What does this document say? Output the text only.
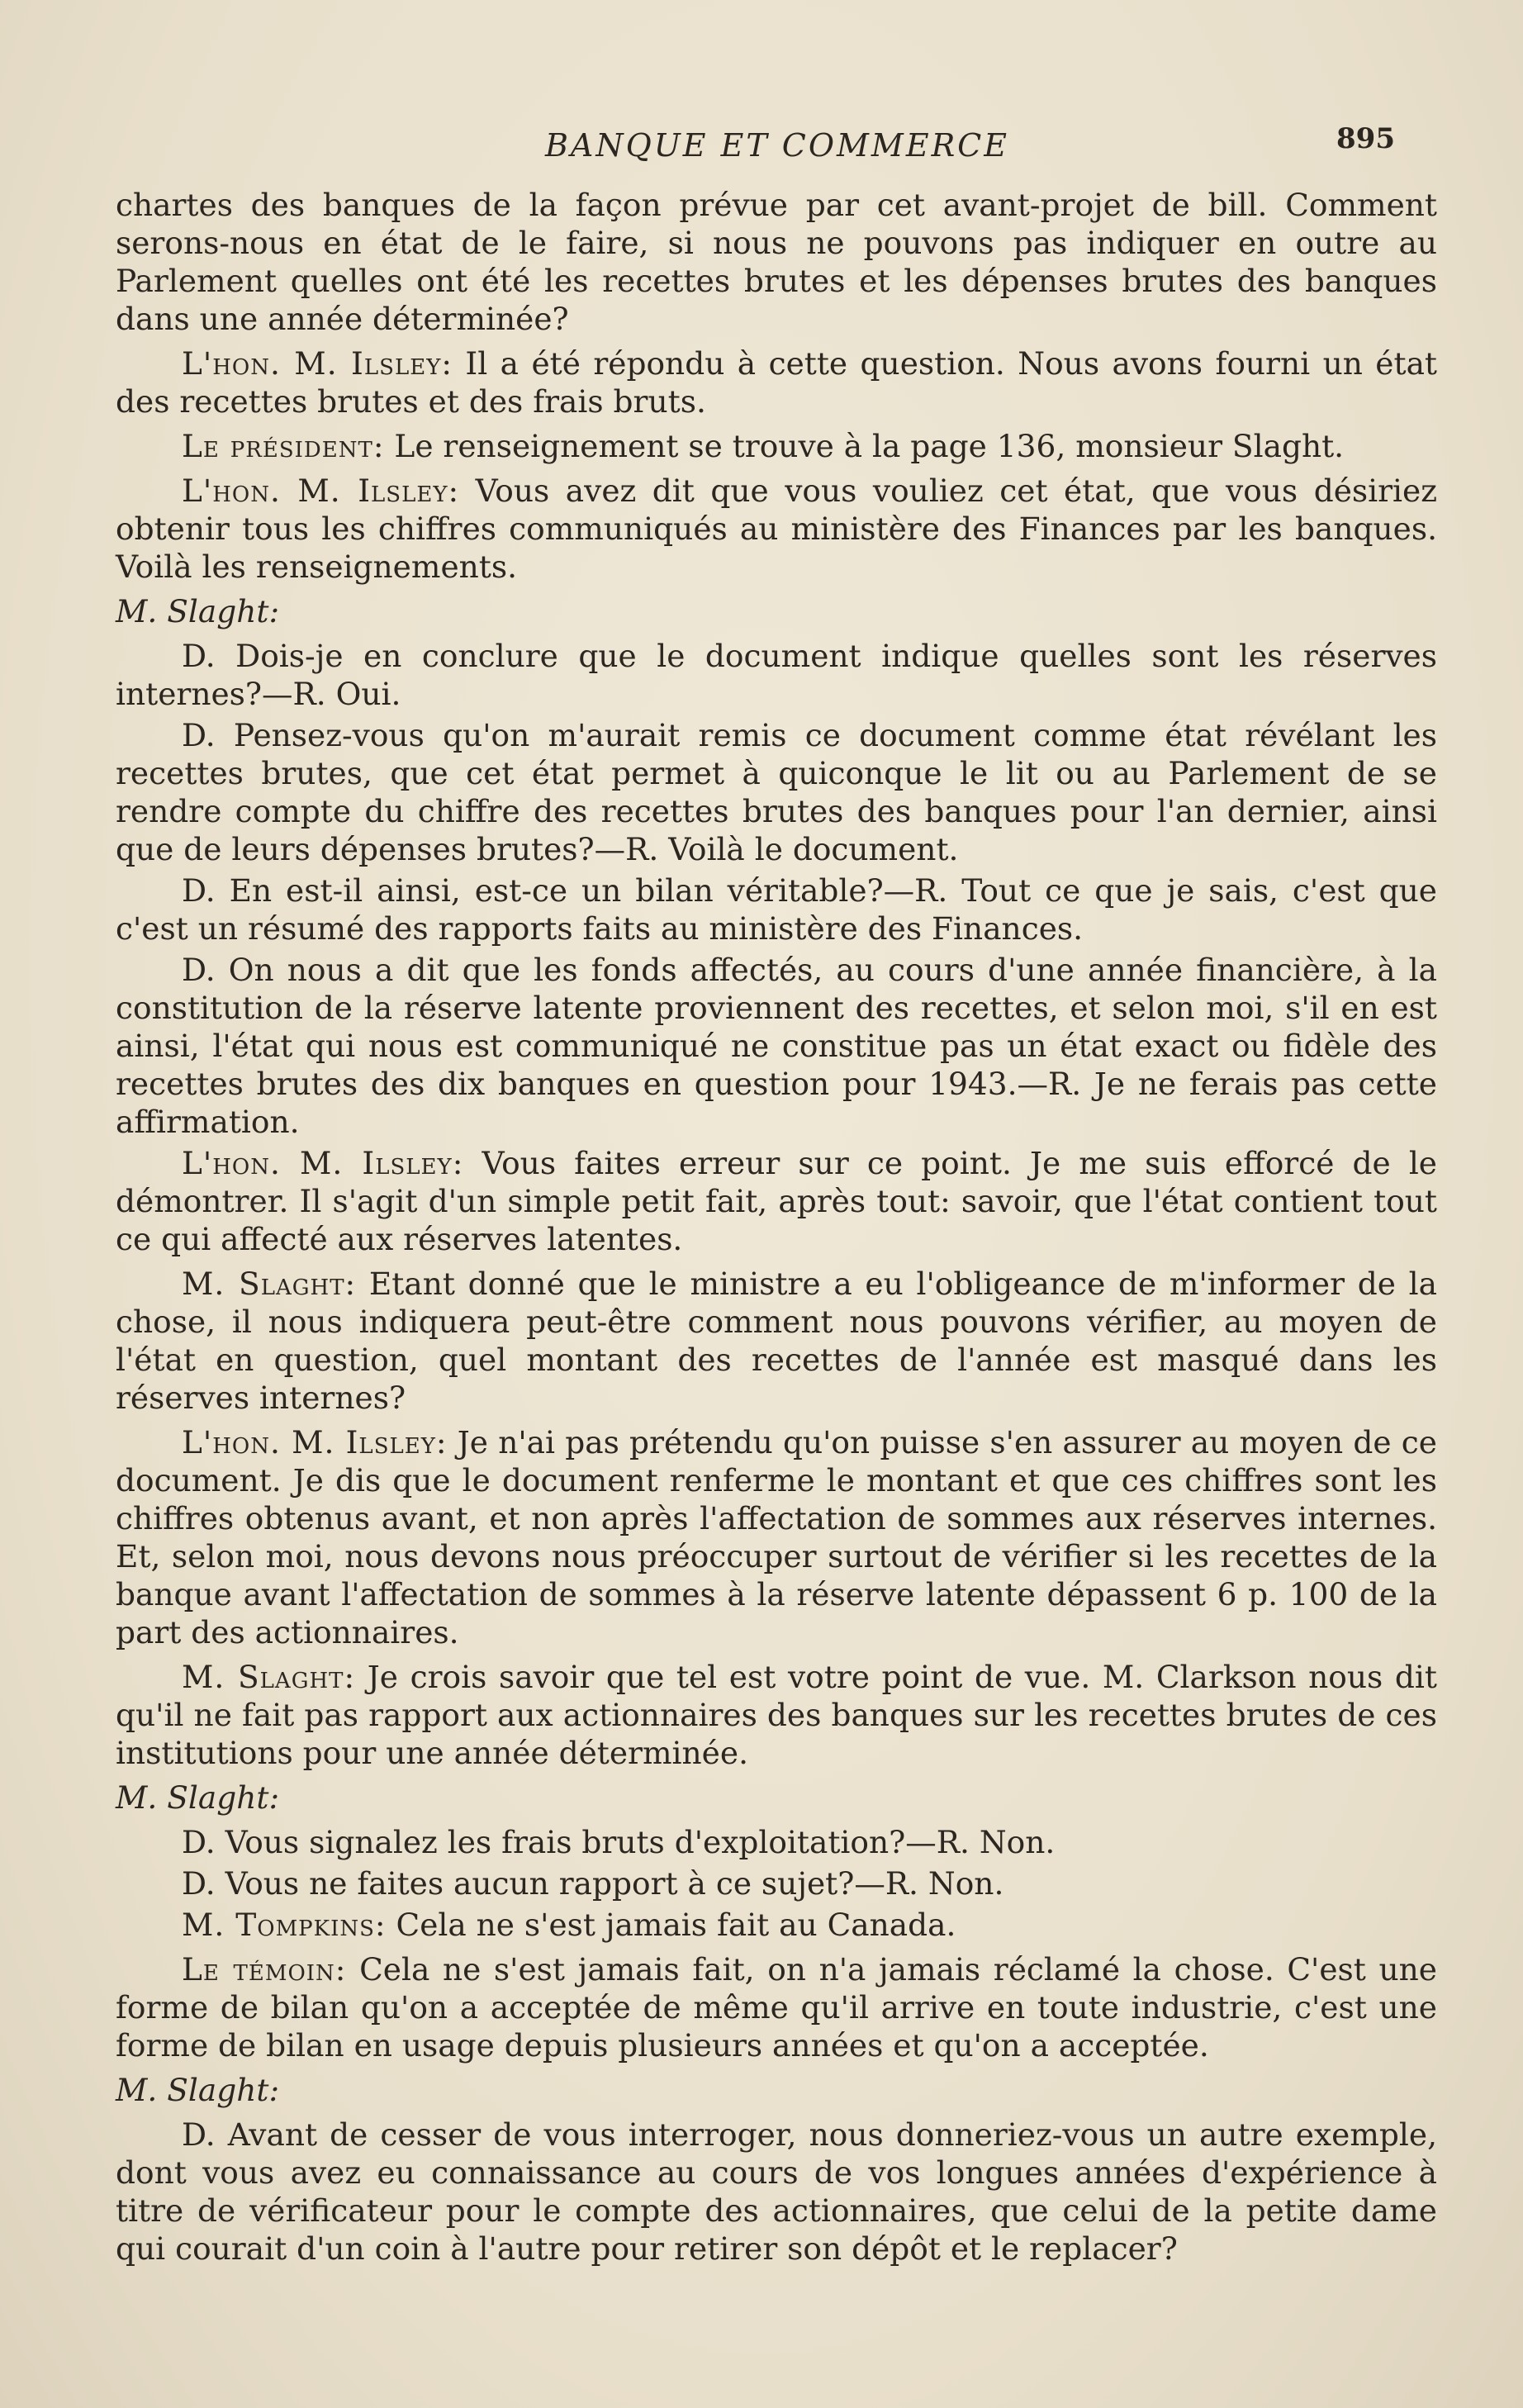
BANQUE ET COMMERCE	895

chartes des banques de la façon prévue par cet avant-projet de bill. Comment serons-nous en état de le faire, si nous ne pouvons pas indiquer en outre au Parlement quelles ont été les recettes brutes et les dépenses brutes des banques dans une année déterminée?

L'hon. M. Ilsley: Il a été répondu à cette question. Nous avons fourni un état des recettes brutes et des frais bruts.

Le président: Le renseignement se trouve à la page 136, monsieur Slaght.

L'hon. M. Ilsley: Vous avez dit que vous vouliez cet état, que vous désiriez obtenir tous les chiffres communiqués au ministère des Finances par les banques. Voilà les renseignements.

M. Slaght:

D. Dois-je en conclure que le document indique quelles sont les réserves internes?—R. Oui.

D. Pensez-vous qu'on m'aurait remis ce document comme état révélant les recettes brutes, que cet état permet à quiconque le lit ou au Parlement de se rendre compte du chiffre des recettes brutes des banques pour l'an dernier, ainsi que de leurs dépenses brutes?—R. Voilà le document.

D. En est-il ainsi, est-ce un bilan véritable?—R. Tout ce que je sais, c'est que c'est un résumé des rapports faits au ministère des Finances.

D. On nous a dit que les fonds affectés, au cours d'une année financière, à la constitution de la réserve latente proviennent des recettes, et selon moi, s'il en est ainsi, l'état qui nous est communiqué ne constitue pas un état exact ou fidèle des recettes brutes des dix banques en question pour 1943.—R. Je ne ferais pas cette affirmation.

L'hon. M. Ilsley: Vous faites erreur sur ce point. Je me suis efforcé de le démontrer. Il s'agit d'un simple petit fait, après tout: savoir, que l'état contient tout ce qui affecté aux réserves latentes.

M. Slaght: Etant donné que le ministre a eu l'obligeance de m'informer de la chose, il nous indiquera peut-être comment nous pouvons vérifier, au moyen de l'état en question, quel montant des recettes de l'année est masqué dans les réserves internes?

L'hon. M. Ilsley: Je n'ai pas prétendu qu'on puisse s'en assurer au moyen de ce document. Je dis que le document renferme le montant et que ces chiffres sont les chiffres obtenus avant, et non après l'affectation de sommes aux réserves internes. Et, selon moi, nous devons nous préoccuper surtout de vérifier si les recettes de la banque avant l'affectation de sommes à la réserve latente dépassent 6 p. 100 de la part des actionnaires.

M. Slaght: Je crois savoir que tel est votre point de vue. M. Clarkson nous dit qu'il ne fait pas rapport aux actionnaires des banques sur les recettes brutes de ces institutions pour une année déterminée.

M. Slaght:

D. Vous signalez les frais bruts d'exploitation?—R. Non.

D. Vous ne faites aucun rapport à ce sujet?—R. Non.

M. Tompkins: Cela ne s'est jamais fait au Canada.

Le témoin: Cela ne s'est jamais fait, on n'a jamais réclamé la chose. C'est une forme de bilan qu'on a acceptée de même qu'il arrive en toute industrie, c'est une forme de bilan en usage depuis plusieurs années et qu'on a acceptée.

M. Slaght:

D. Avant de cesser de vous interroger, nous donneriez-vous un autre exemple, dont vous avez eu connaissance au cours de vos longues années d'expérience à titre de vérificateur pour le compte des actionnaires, que celui de la petite dame qui courait d'un coin à l'autre pour retirer son dépôt et le replacer?
